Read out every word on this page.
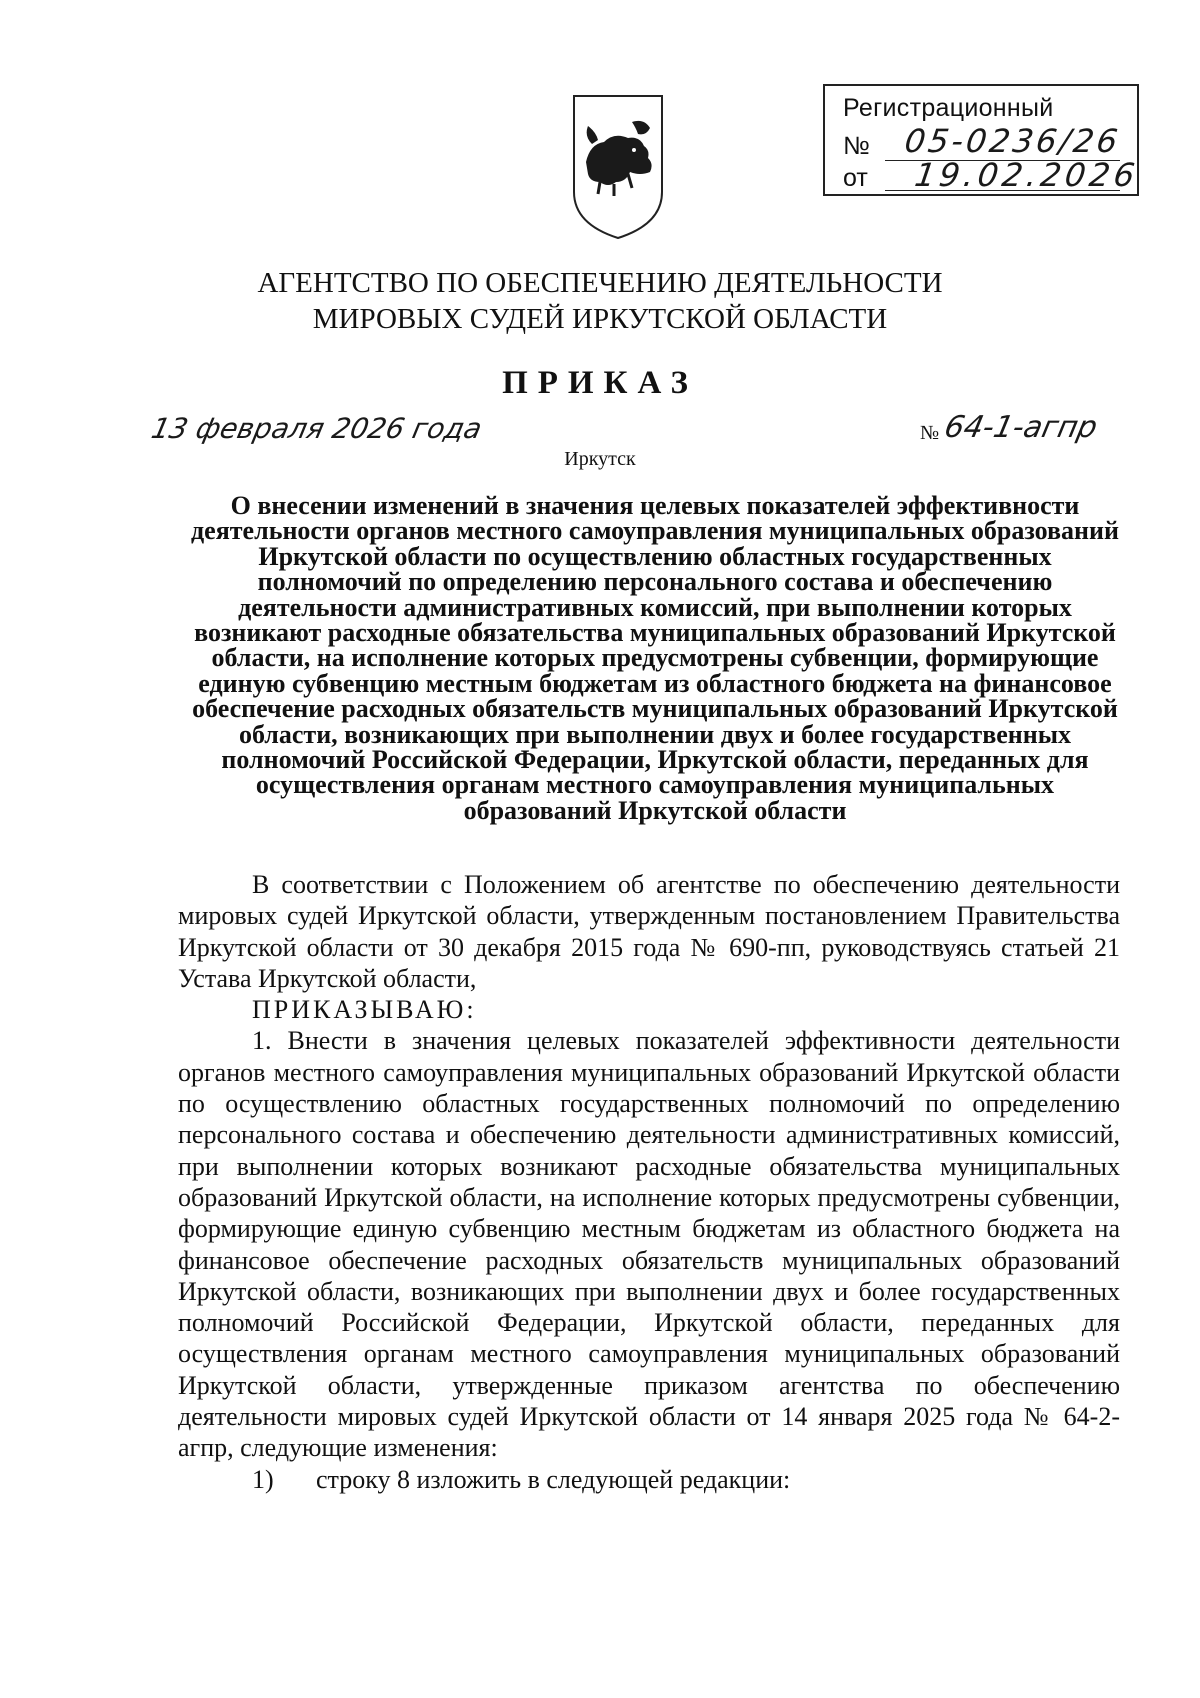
Регистрационный
№ 05-0236/26
от 19.02.2026
АГЕНТСТВО ПО ОБЕСПЕЧЕНИЮ ДЕЯТЕЛЬНОСТИ
МИРОВЫХ СУДЕЙ ИРКУТСКОЙ ОБЛАСТИ
ПРИКАЗ
13 февраля 2026 года	№ 64-1-агпр
Иркутск
О внесении изменений в значения целевых показателей эффективности деятельности органов местного самоуправления муниципальных образований Иркутской области по осуществлению областных государственных полномочий по определению персонального состава и обеспечению деятельности административных комиссий, при выполнении которых возникают расходные обязательства муниципальных образований Иркутской области, на исполнение которых предусмотрены субвенции, формирующие единую субвенцию местным бюджетам из областного бюджета на финансовое обеспечение расходных обязательств муниципальных образований Иркутской области, возникающих при выполнении двух и более государственных полномочий Российской Федерации, Иркутской области, переданных для осуществления органам местного самоуправления муниципальных образований Иркутской области

В соответствии с Положением об агентстве по обеспечению деятельности мировых судей Иркутской области, утвержденным постановлением Правительства Иркутской области от 30 декабря 2015 года № 690-пп, руководствуясь статьей 21 Устава Иркутской области,

ПРИКАЗЫВАЮ:

1. Внести в значения целевых показателей эффективности деятельности органов местного самоуправления муниципальных образований Иркутской области по осуществлению областных государственных полномочий по определению персонального состава и обеспечению деятельности административных комиссий, при выполнении которых возникают расходные обязательства муниципальных образований Иркутской области, на исполнение которых предусмотрены субвенции, формирующие единую субвенцию местным бюджетам из областного бюджета на финансовое обеспечение расходных обязательств муниципальных образований Иркутской области, возникающих при выполнении двух и более государственных полномочий Российской Федерации, Иркутской области, переданных для осуществления органам местного самоуправления муниципальных образований Иркутской области, утвержденные приказом агентства по обеспечению деятельности мировых судей Иркутской области от 14 января 2025 года № 64-2-агпр, следующие изменения:

1) строку 8 изложить в следующей редакции:
